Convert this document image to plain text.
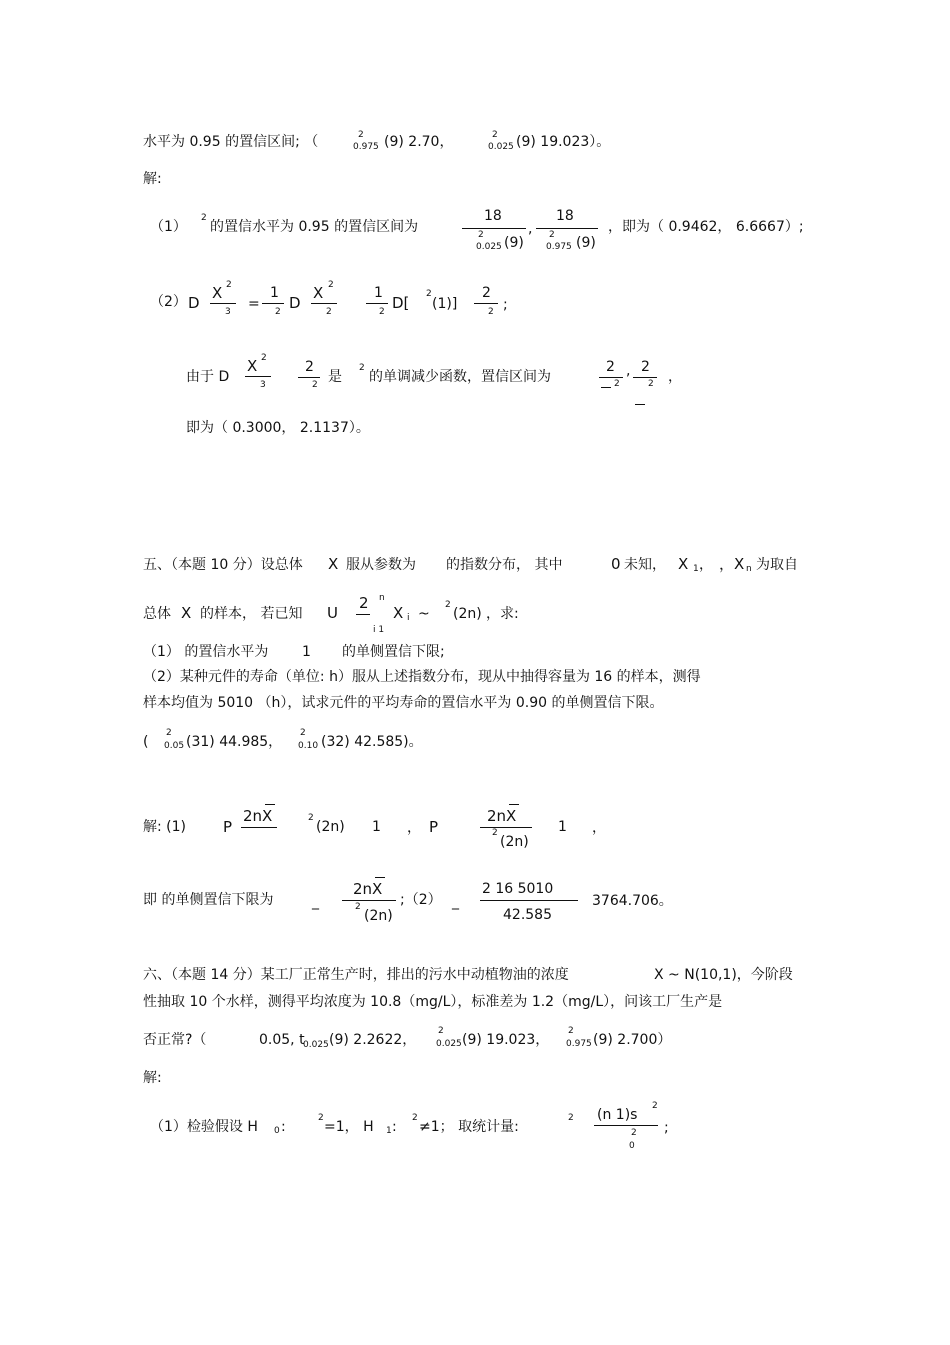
水平为 0.95 的置信区间; （	2
0.975 (9) 2.70，	2
0.025 (9) 19.023）。
解:
（1）
2
的置信水平为 0.95 的置信区间为
18
2
0.025 (9)
,
18
2
0.975 (9)
，即为（ 0.9462， 6.6667）;
（2） D
X 2
3 =
1
2 D
X 2
2
1
2 D[ 2
(1)]
2
2 ;
由于 D
X 2
3
2
2 是
2
的单调减少函数，置信区间为
2
2
, 2
2 ，
即为（ 0.3000， 2.1137）。
五、（本题 10 分）设总体 X 服从参数为 的指数分布， 其中	0 未知， X 1 ， ，X n 为取自
总体 X 的样本， 若已知 U
2 n
i 1
X i ~
2
(2n) ，求:
（1） 的置信水平为 1 的单侧置信下限;
（2）某种元件的寿命（单位: h）服从上述指数分布，现从中抽得容量为 16 的样本，测得
样本均值为 5010 （h），试求元件的平均寿命的置信水平为 0.90 的单侧置信下限。
(
2
0.05 (31) 44.985，
2
0.10 (32) 42.585)。
解: (1) P
2nX	2
(2n) 1 ， P
2nX
2
(2n)
1 ，
即 的单侧置信下限为	_
2nX
2
(2n)
;（2） _
2 16 5010
42.585
3764.706。
六、（本题 14 分）某工厂正常生产时，排出的污水中动植物油的浓度	X ~ N(10,1)，今阶段
性抽取 10 个水样，测得平均浓度为 10.8（mg/L），标准差为 1.2（mg/L），问该工厂生产是
否正常?（	0.05, t
0.025 (9) 2.2622，
2
0.025 (9) 19.023，
2
0.975 (9) 2.700）
解:
（1）检验假设 H 0 :
2
=1， H 1 :
2
≠1； 取统计量:
2 (n 1)s
2
2
0
;
